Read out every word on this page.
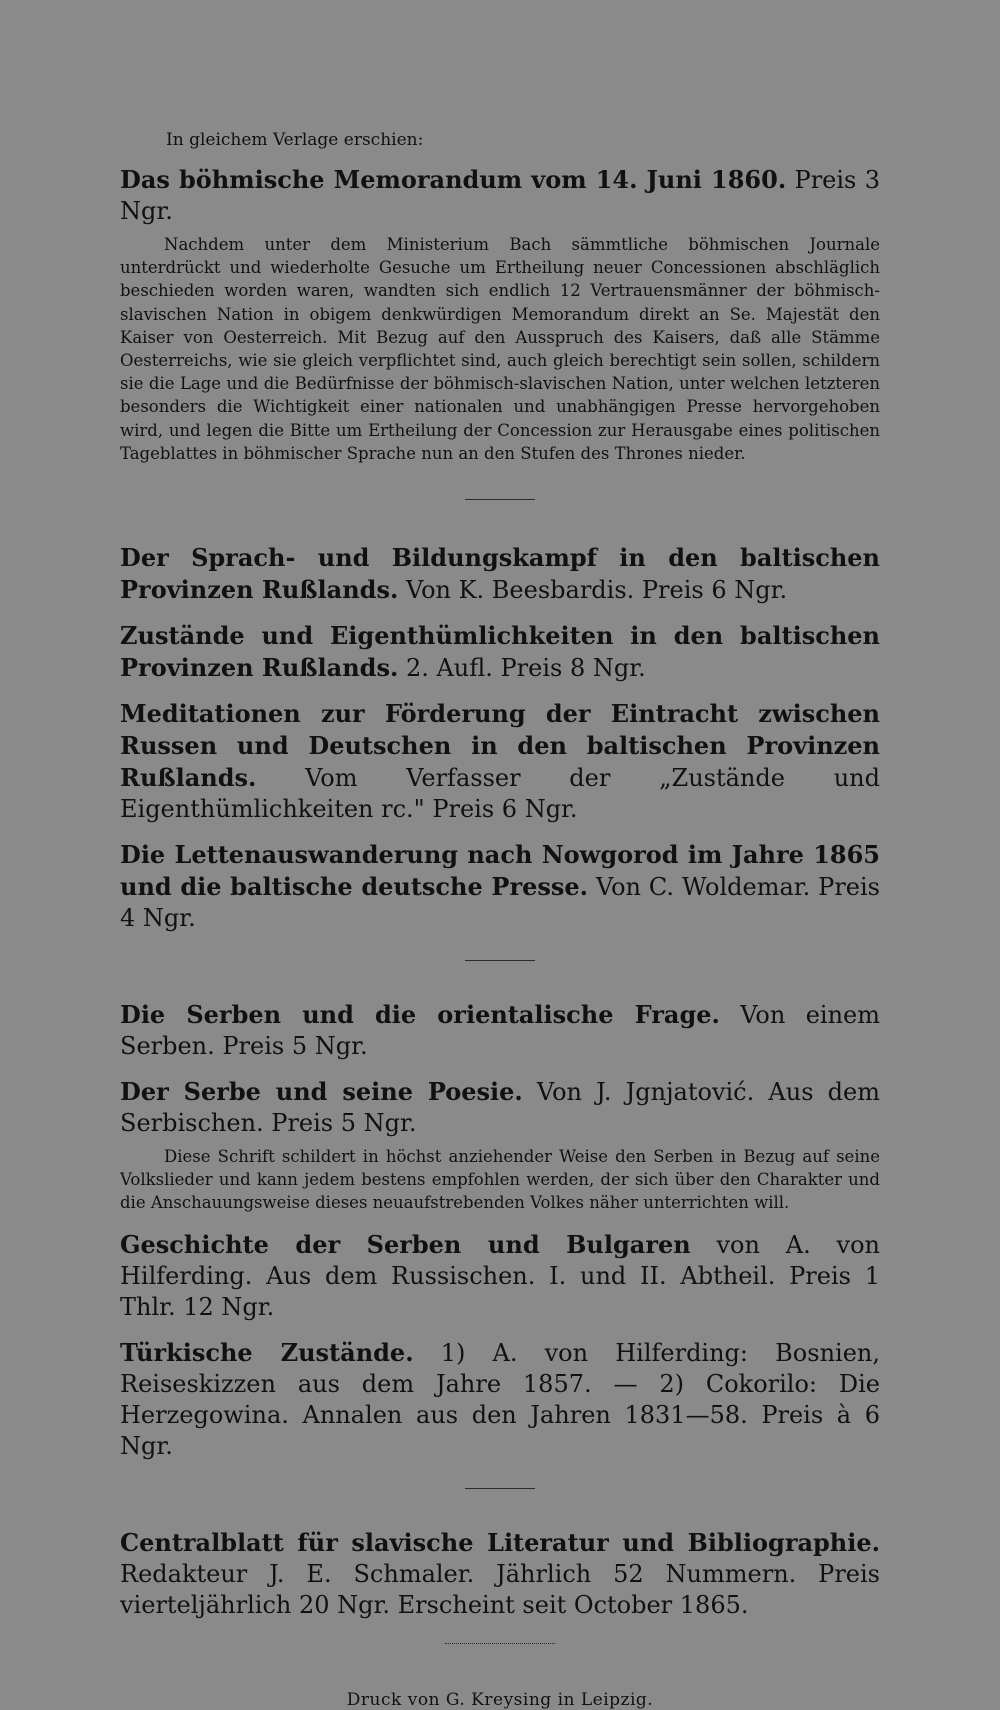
In gleichem Verlage erschien:
Das böhmische Memorandum vom 14. Juni 1860. Preis 3 Ngr.
Nachdem unter dem Ministerium Bach sämmtliche böhmischen Journale unterdrückt und wiederholte Gesuche um Ertheilung neuer Concessionen abschläglich beschieden worden waren, wandten sich endlich 12 Vertrauensmänner der böhmisch-slavischen Nation in obigem denkwürdigen Memorandum direkt an Se. Majestät den Kaiser von Oesterreich. Mit Bezug auf den Ausspruch des Kaisers, daß alle Stämme Oesterreichs, wie sie gleich verpflichtet sind, auch gleich berechtigt sein sollen, schildern sie die Lage und die Bedürfnisse der böhmisch-slavischen Nation, unter welchen letzteren besonders die Wichtigkeit einer nationalen und unabhängigen Presse hervorgehoben wird, und legen die Bitte um Ertheilung der Concession zur Herausgabe eines politischen Tageblattes in böhmischer Sprache nun an den Stufen des Thrones nieder.
Der Sprach- und Bildungskampf in den baltischen Provinzen Rußlands. Von K. Beesbardis. Preis 6 Ngr.
Zustände und Eigenthümlichkeiten in den baltischen Provinzen Rußlands. 2. Aufl. Preis 8 Ngr.
Meditationen zur Förderung der Eintracht zwischen Russen und Deutschen in den baltischen Provinzen Rußlands. Vom Verfasser der „Zustände und Eigenthümlichkeiten rc." Preis 6 Ngr.
Die Lettenauswanderung nach Nowgorod im Jahre 1865 und die baltische deutsche Presse. Von C. Woldemar. Preis 4 Ngr.
Die Serben und die orientalische Frage. Von einem Serben. Preis 5 Ngr.
Der Serbe und seine Poesie. Von J. Jgnjatović. Aus dem Serbischen. Preis 5 Ngr.
Diese Schrift schildert in höchst anziehender Weise den Serben in Bezug auf seine Volkslieder und kann jedem bestens empfohlen werden, der sich über den Charakter und die Anschauungsweise dieses neuaufstrebenden Volkes näher unterrichten will.
Geschichte der Serben und Bulgaren von A. von Hilferding. Aus dem Russischen. I. und II. Abtheil. Preis 1 Thlr. 12 Ngr.
Türkische Zustände. 1) A. von Hilferding: Bosnien, Reiseskizzen aus dem Jahre 1857. — 2) Cokorilo: Die Herzegowina. Annalen aus den Jahren 1831—58. Preis à 6 Ngr.
Centralblatt für slavische Literatur und Bibliographie. Redakteur J. E. Schmaler. Jährlich 52 Nummern. Preis vierteljährlich 20 Ngr. Erscheint seit October 1865.
Druck von G. Kreysing in Leipzig.
